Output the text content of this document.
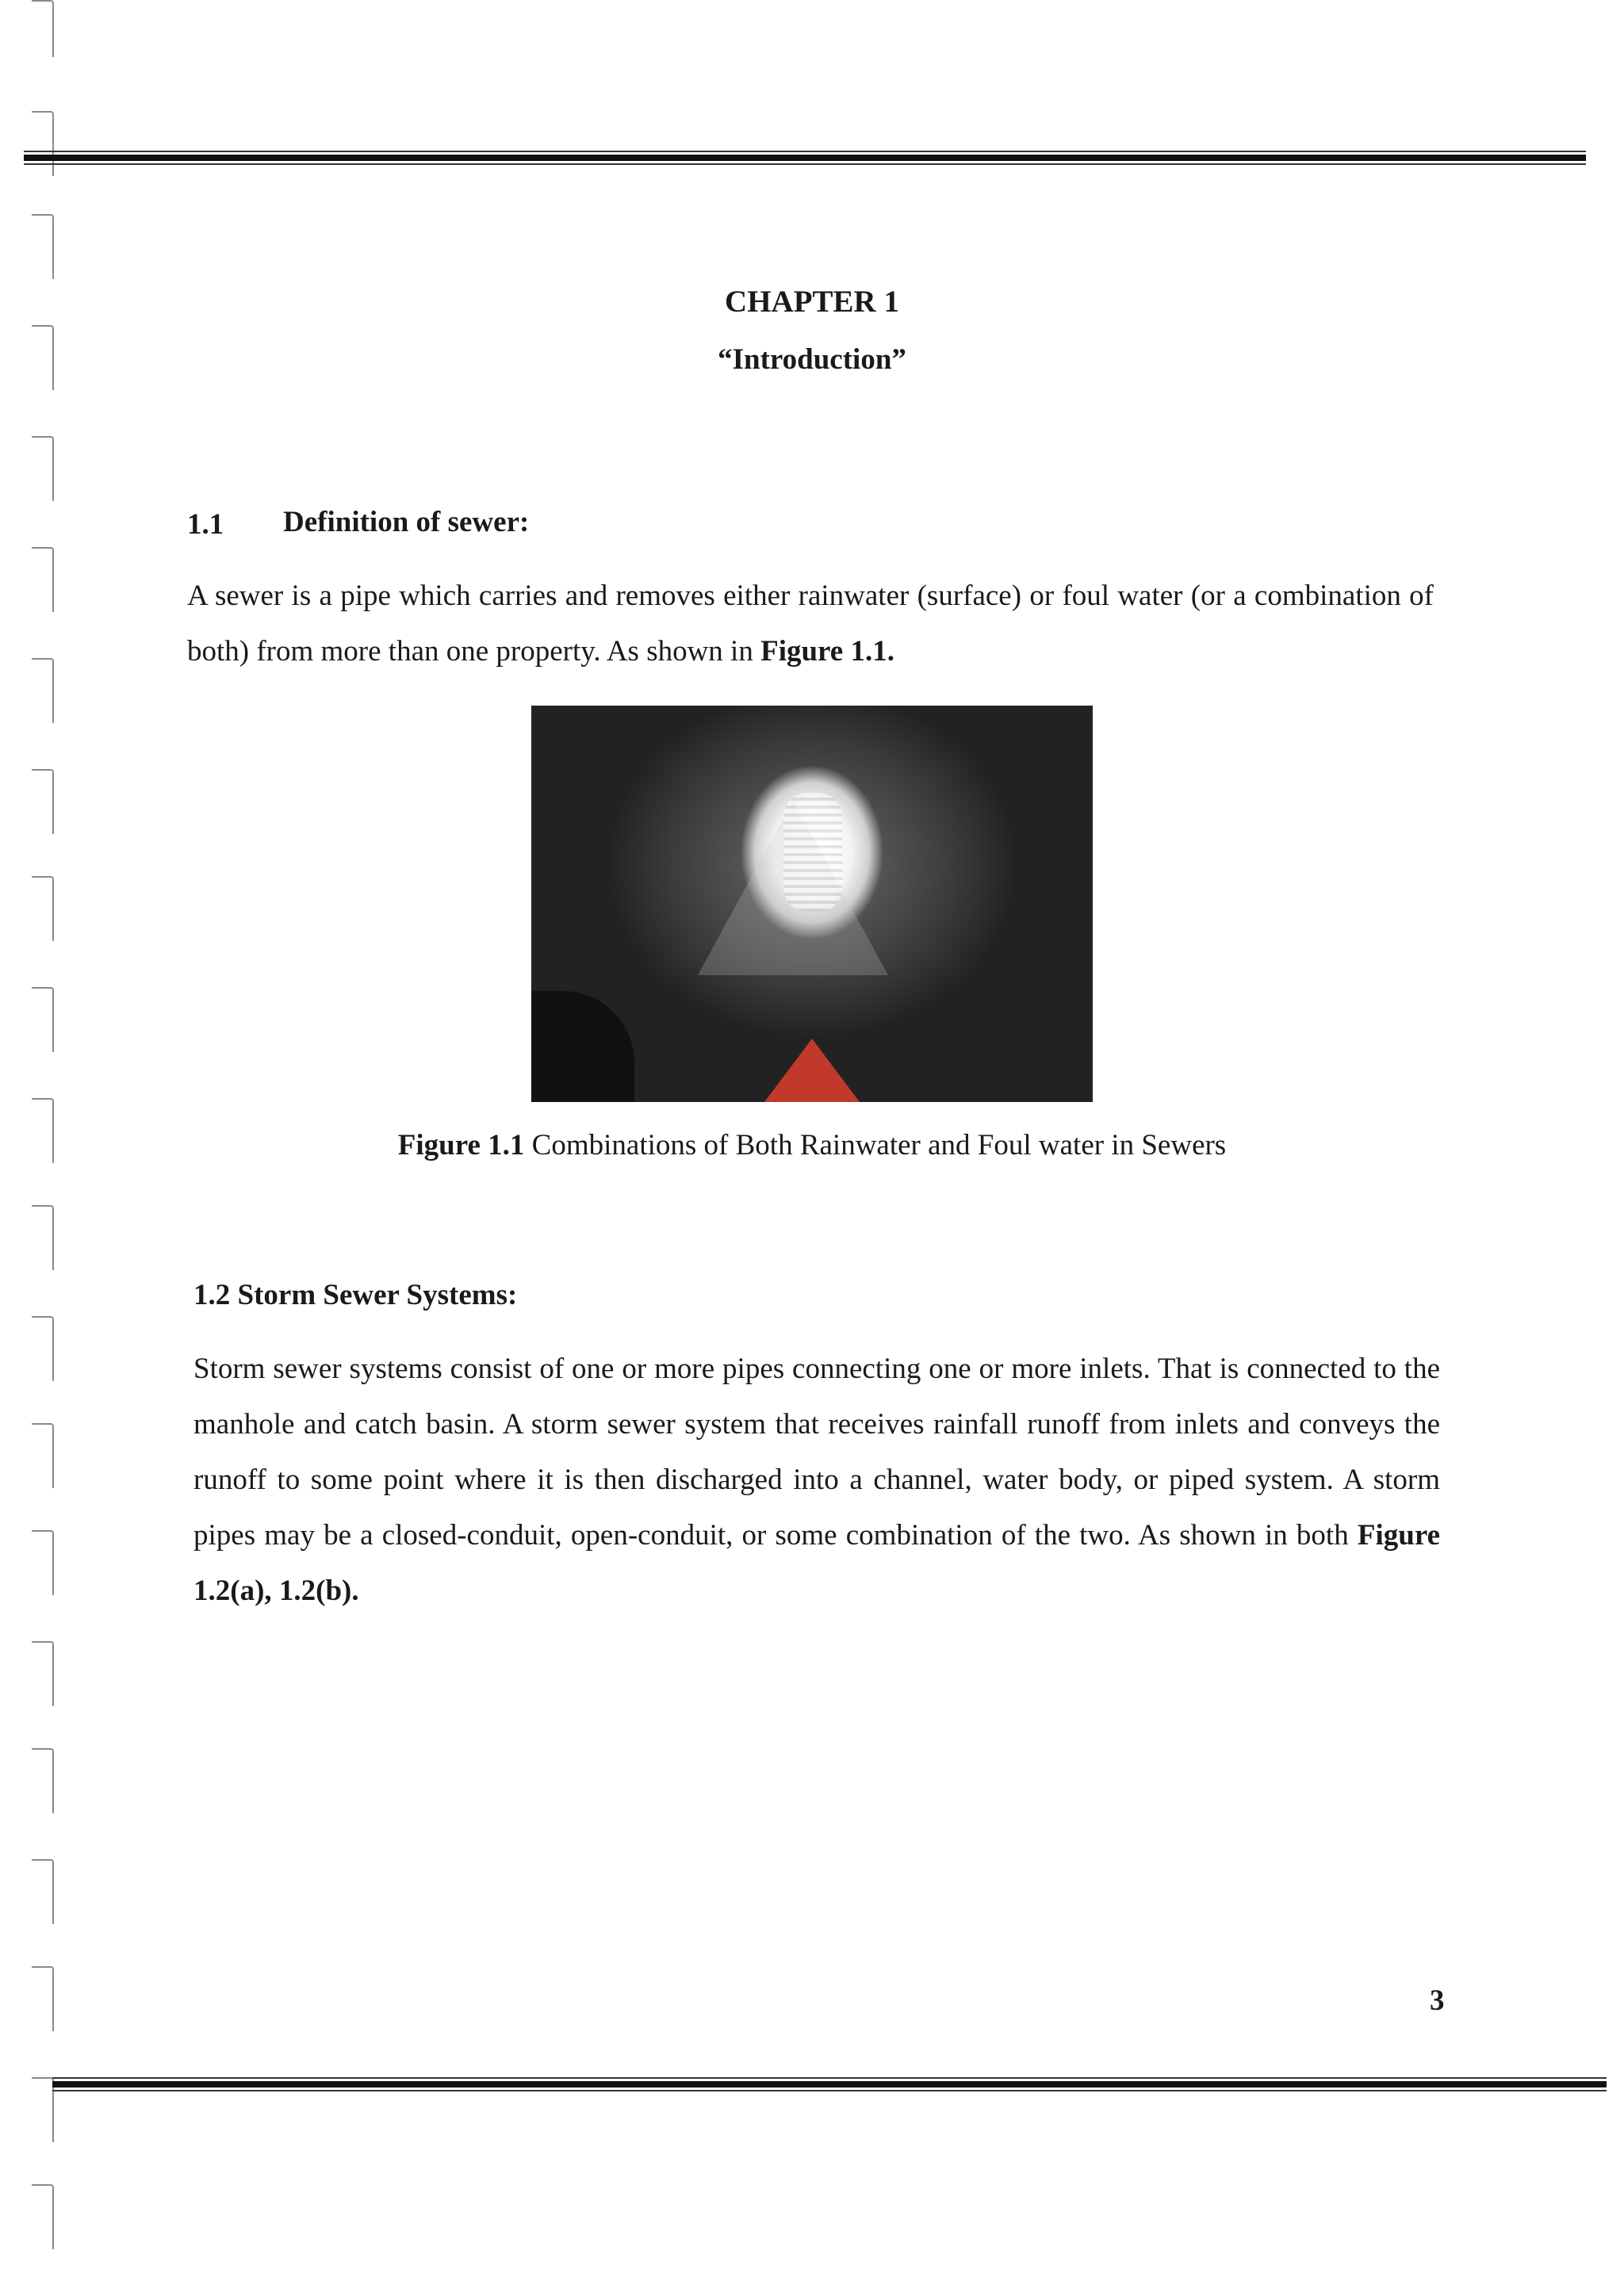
CHAPTER 1
“Introduction”
1.1 Definition of sewer:
A sewer is a pipe which carries and removes either rainwater (surface) or foul water (or a combination of both) from more than one property. As shown in Figure 1.1.
Figure 1.1 Combinations of Both Rainwater and Foul water in Sewers
1.2 Storm Sewer Systems:
Storm sewer systems consist of one or more pipes connecting one or more inlets. That is connected to the manhole and catch basin. A storm sewer system that receives rainfall runoff from inlets and conveys the runoff to some point where it is then discharged into a channel, water body, or piped system. A storm pipes may be a closed-conduit, open-conduit, or some combination of the two. As shown in both Figure 1.2(a), 1.2(b).
3
